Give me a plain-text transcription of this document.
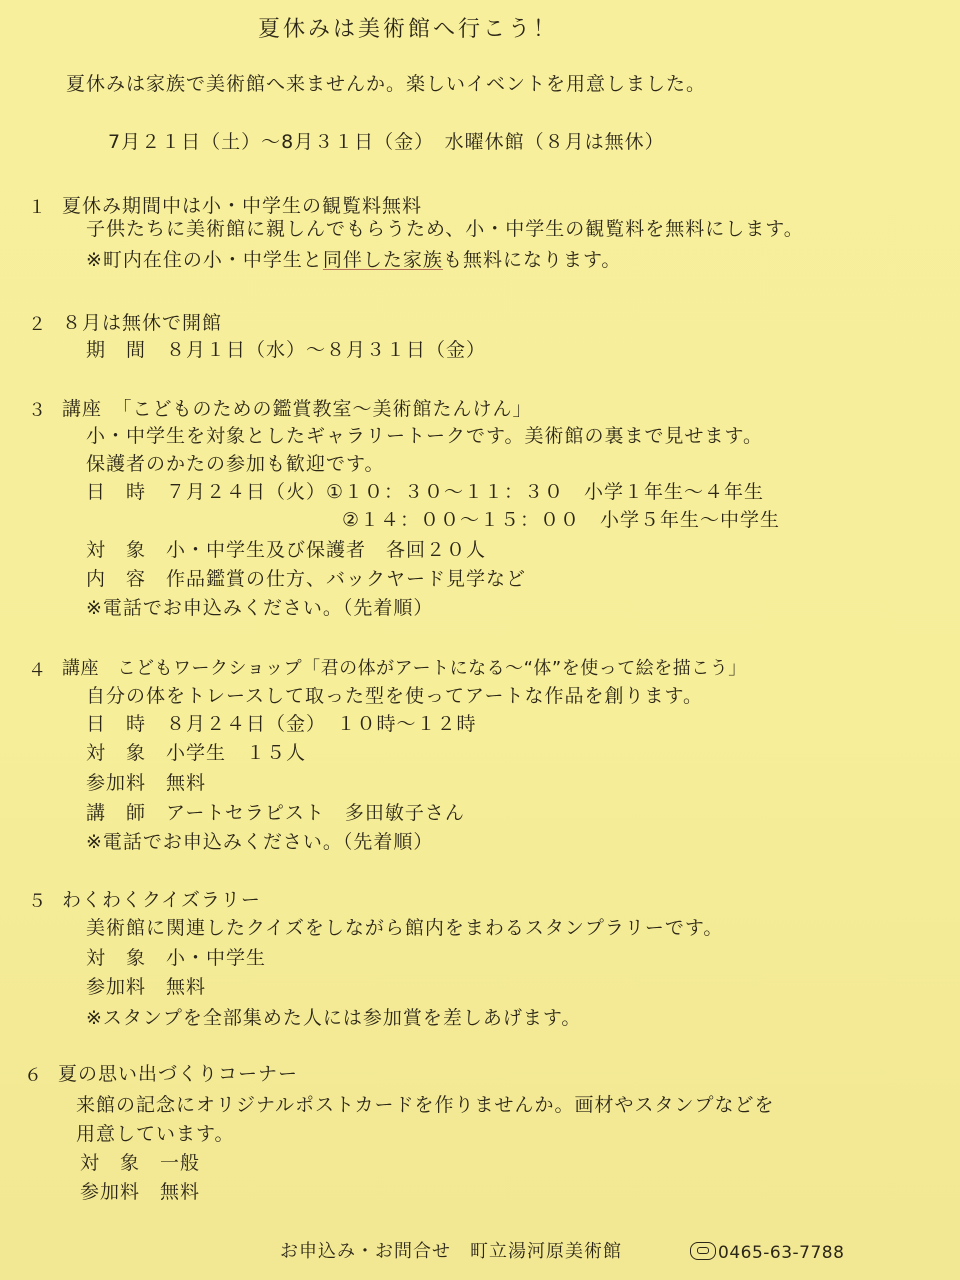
夏休みは美術館へ行こう！
夏休みは家族で美術館へ来ませんか。楽しいイベントを用意しました。
7月２１日（土）～8月３１日（金）　水曜休館（８月は無休）
１ 夏休み期間中は小・中学生の観覧料無料
子供たちに美術館に親しんでもらうため、小・中学生の観覧料を無料にします。
※町内在住の小・中学生と同伴した家族も無料になります。
２ ８月は無休で開館
期　間　８月１日（水）～８月３１日（金）
３ 講座　「こどものための鑑賞教室～美術館たんけん」
小・中学生を対象としたギャラリートークです。美術館の裏まで見せます。
保護者のかたの参加も歓迎です。
日　時　７月２４日（火）①１０：３０～１１：３０　小学１年生～４年生
②１４：００～１５：００　小学５年生～中学生
対　象　小・中学生及び保護者　各回２０人
内　容　作品鑑賞の仕方、バックヤード見学など
※電話でお申込みください。（先着順）
４ 講座　こどもワークショップ「君の体がアートになる～“体”を使って絵を描こう」
自分の体をトレースして取った型を使ってアートな作品を創ります。
日　時　８月２４日（金）　１０時～１２時
対　象　小学生　１５人
参加料　無料
講　師　アートセラピスト　多田敏子さん
※電話でお申込みください。（先着順）
５ わくわくクイズラリー
美術館に関連したクイズをしながら館内をまわるスタンプラリーです。
対　象　小・中学生
参加料　無料
※スタンプを全部集めた人には参加賞を差しあげます。
６ 夏の思い出づくりコーナー
来館の記念にオリジナルポストカードを作りませんか。画材やスタンプなどを
用意しています。
対　象　一般
参加料　無料
お申込み・お問合せ　町立湯河原美術館	0465-63-7788
